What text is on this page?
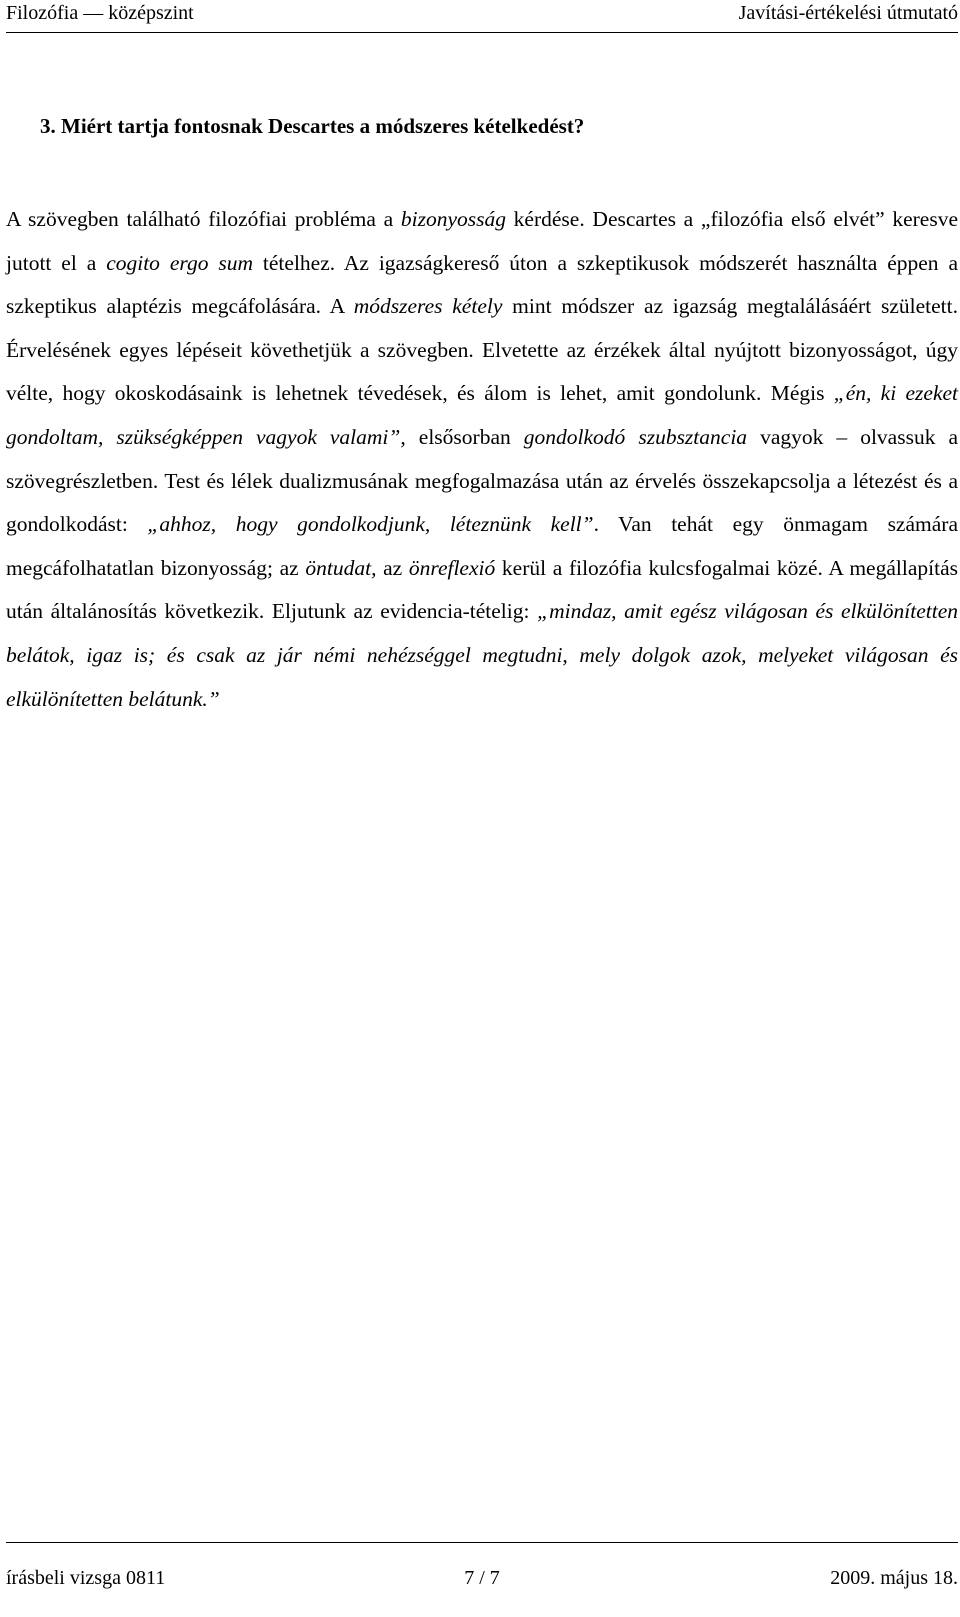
Filozófia — középszint	Javítási-értékelési útmutató

3. Miért tartja fontosnak Descartes a módszeres kételkedést?

A szövegben található filozófiai probléma a bizonyosság kérdése. Descartes a „filozófia első elvét” keresve jutott el a cogito ergo sum tételhez. Az igazságkereső úton a szkeptikusok módszerét használta éppen a szkeptikus alaptézis megcáfolására. A módszeres kétely mint módszer az igazság megtalálásáért született. Érvelésének egyes lépéseit követhetjük a szövegben. Elvetette az érzékek által nyújtott bizonyosságot, úgy vélte, hogy okoskodásaink is lehetnek tévedések, és álom is lehet, amit gondolunk. Mégis „én, ki ezeket gondoltam, szükségképpen vagyok valami”, elsősorban gondolkodó szubsztancia vagyok – olvassuk a szövegrészletben. Test és lélek dualizmusának megfogalmazása után az érvelés összekapcsolja a létezést és a gondolkodást: „ahhoz, hogy gondolkodjunk, léteznünk kell”. Van tehát egy önmagam számára megcáfolhatatlan bizonyosság; az öntudat, az önreflexió kerül a filozófia kulcsfogalmai közé. A megállapítás után általánosítás következik. Eljutunk az evidencia-tételig: „mindaz, amit egész világosan és elkülönítetten belátok, igaz is; és csak az jár némi nehézséggel megtudni, mely dolgok azok, melyeket világosan és elkülönítetten belátunk.”

írásbeli vizsga 0811	7 / 7	2009. május 18.
